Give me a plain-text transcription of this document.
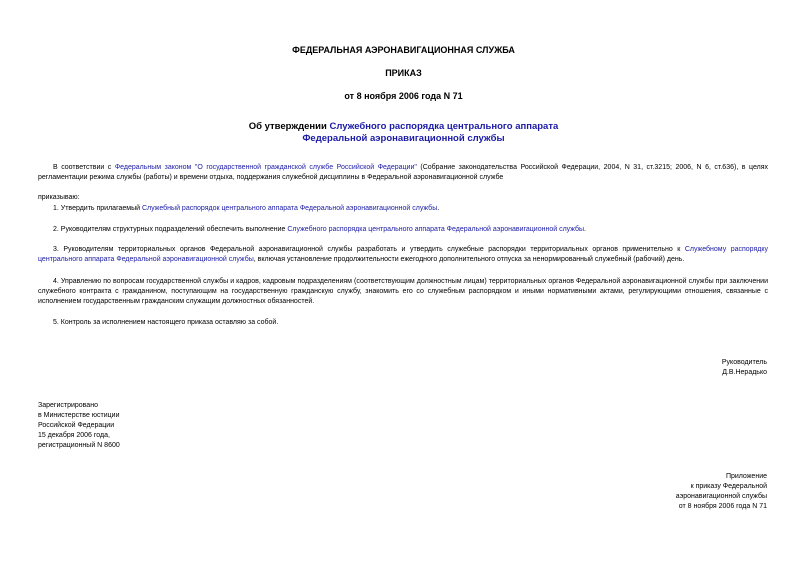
ФЕДЕРАЛЬНАЯ АЭРОНАВИГАЦИОННАЯ СЛУЖБА
ПРИКАЗ
от 8 ноября 2006 года N 71
Об утверждении Служебного распорядка центрального аппарата
Федеральной аэронавигационной службы
В соответствии с Федеральным законом "О государственной гражданской службе Российской Федерации" (Собрание законодательства Российской Федерации, 2004, N 31, ст.3215; 2006, N 6, ст.636), в целях регламентации режима службы (работы) и времени отдыха, поддержания служебной дисциплины в Федеральной аэронавигационной службе
приказываю:
1. Утвердить прилагаемый Служебный распорядок центрального аппарата Федеральной аэронавигационной службы.
2. Руководителям структурных подразделений обеспечить выполнение Служебного распорядка центрального аппарата Федеральной аэронавигационной службы.
3. Руководителям территориальных органов Федеральной аэронавигационной службы разработать и утвердить служебные распорядки территориальных органов применительно к Служебному распорядку центрального аппарата Федеральной аэронавигационной службы, включая установление продолжительности ежегодного дополнительного отпуска за ненормированный служебный (рабочий) день.
4. Управлению по вопросам государственной службы и кадров, кадровым подразделениям (соответствующим должностным лицам) территориальных органов Федеральной аэронавигационной службы при заключении служебного контракта с гражданином, поступающим на государственную гражданскую службу, знакомить его со служебным распорядком и иными нормативными актами, регулирующими отношения, связанные с исполнением государственным гражданским служащим должностных обязанностей.
5. Контроль за исполнением настоящего приказа оставляю за собой.
Руководитель
Д.В.Нерадько
Зарегистрировано
в Министерстве юстиции
Российской Федерации
15 декабря 2006 года,
регистрационный N 8600
Приложение
к приказу Федеральной
аэронавигационной службы
от 8 ноября 2006 года N 71
